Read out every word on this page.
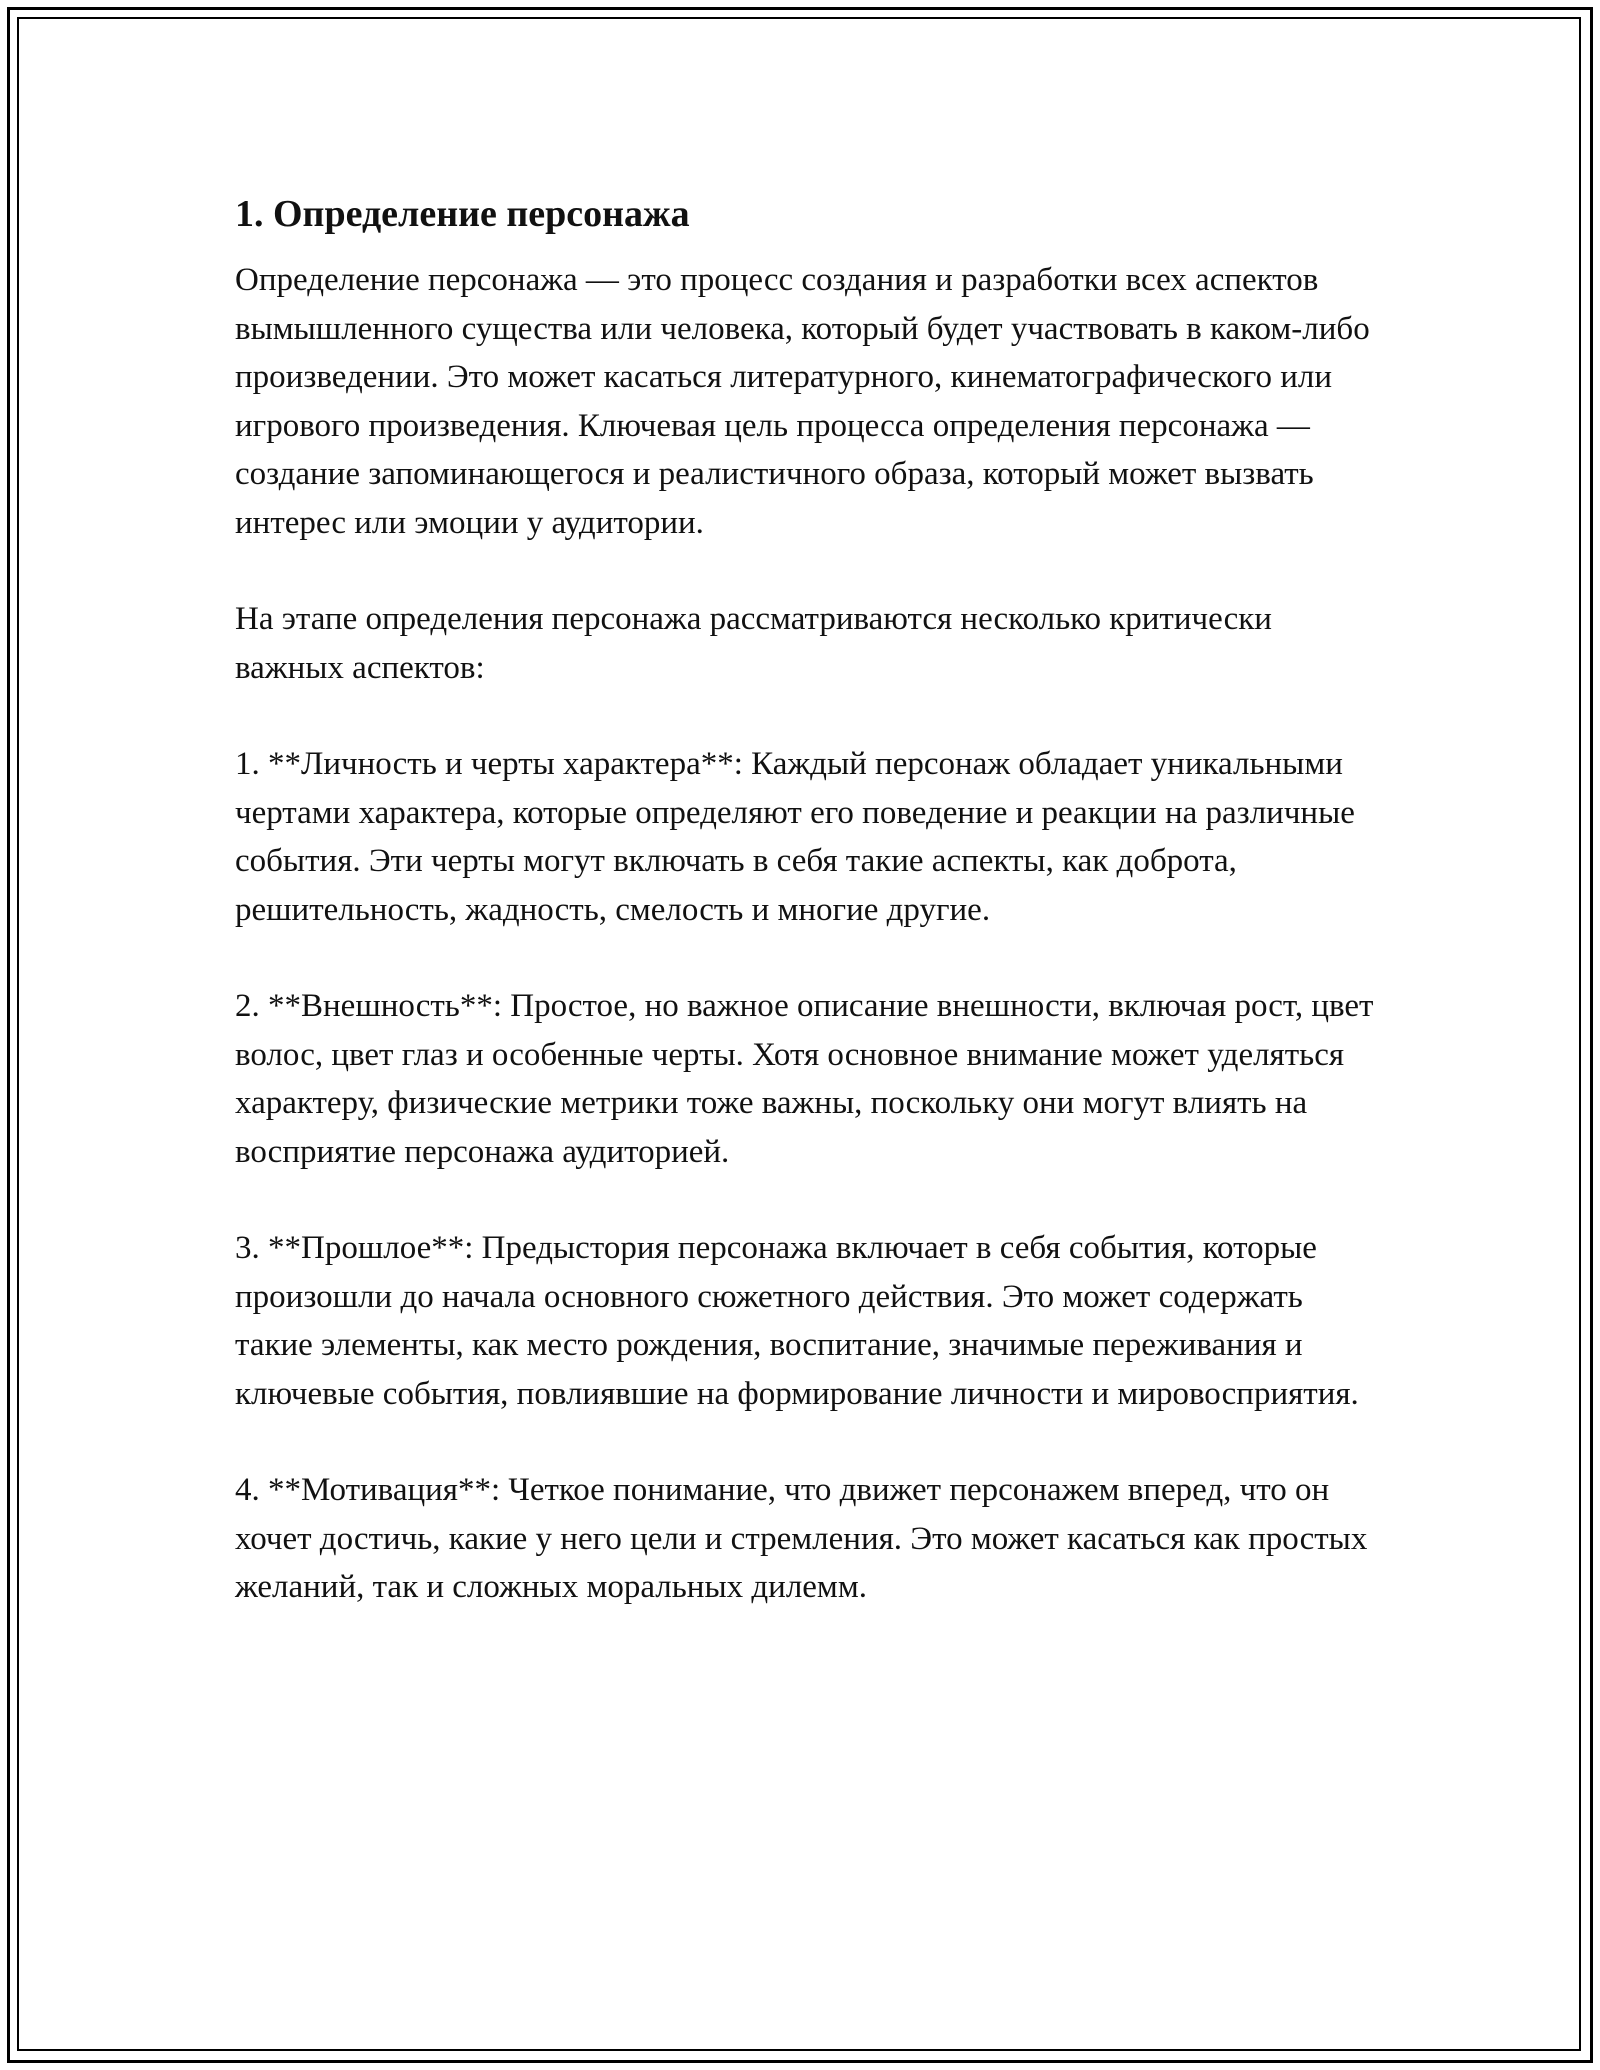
1. Определение персонажа

Определение персонажа — это процесс создания и разработки всех аспектов вымышленного существа или человека, который будет участвовать в каком-либо произведении. Это может касаться литературного, кинематографического или игрового произведения. Ключевая цель процесса определения персонажа — создание запоминающегося и реалистичного образа, который может вызвать интерес или эмоции у аудитории.

На этапе определения персонажа рассматриваются несколько критически важных аспектов:

1. **Личность и черты характера**: Каждый персонаж обладает уникальными чертами характера, которые определяют его поведение и реакции на различные события. Эти черты могут включать в себя такие аспекты, как доброта, решительность, жадность, смелость и многие другие.

2. **Внешность**: Простое, но важное описание внешности, включая рост, цвет волос, цвет глаз и особенные черты. Хотя основное внимание может уделяться характеру, физические метрики тоже важны, поскольку они могут влиять на восприятие персонажа аудиторией.

3. **Прошлое**: Предыстория персонажа включает в себя события, которые произошли до начала основного сюжетного действия. Это может содержать такие элементы, как место рождения, воспитание, значимые переживания и ключевые события, повлиявшие на формирование личности и мировосприятия.

4. **Мотивация**: Четкое понимание, что движет персонажем вперед, что он хочет достичь, какие у него цели и стремления. Это может касаться как простых желаний, так и сложных моральных дилемм.
